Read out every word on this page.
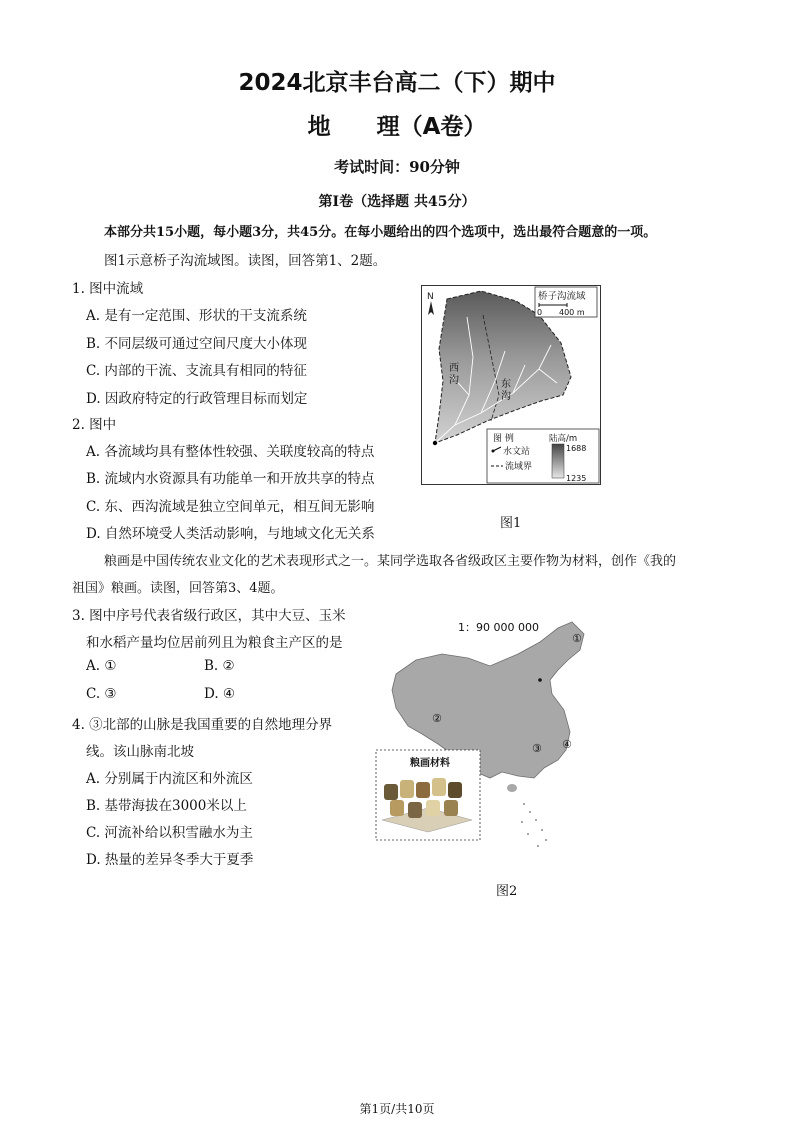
2024北京丰台高二（下）期中
地　　理（A卷）
考试时间：90分钟
第Ⅰ卷（选择题 共45分）
本部分共15小题，每小题3分，共45分。在每小题给出的四个选项中，选出最符合题意的一项。
图1示意桥子沟流域图。读图，回答第1、2题。
1. 图中流域
A. 是有一定范围、形状的干支流系统
B. 不同层级可通过空间尺度大小体现
C. 内部的干流、支流具有相同的特征
D. 因政府特定的行政管理目标而划定
2. 图中
A. 各流域均具有整体性较强、关联度较高的特点
B. 流域内水资源具有功能单一和开放共享的特点
C. 东、西沟流域是独立空间单元，相互间无影响
D. 自然环境受人类活动影响，与地域文化无关系
N
西
沟	东
沟
桥子沟流域
0 400 m
图 例
水文站
流域界
陆高/m
1688
1235
图1
粮画是中国传统农业文化的艺术表现形式之一。某同学选取各省级政区主要作物为材料，创作《我的
祖国》粮画。读图，回答第3、4题。
3. 图中序号代表省级行政区，其中大豆、玉米
和水稻产量均位居前列且为粮食主产区的是
A. ①	B. ②
C. ③	D. ④
4. ③北部的山脉是我国重要的自然地理分界
线。该山脉南北坡
A. 分别属于内流区和外流区
B. 基带海拔在3000米以上
C. 河流补给以积雪融水为主
D. 热量的差异冬季大于夏季
1：90 000 000
①
②
③ ④
粮画材料
图2
第1页/共10页
